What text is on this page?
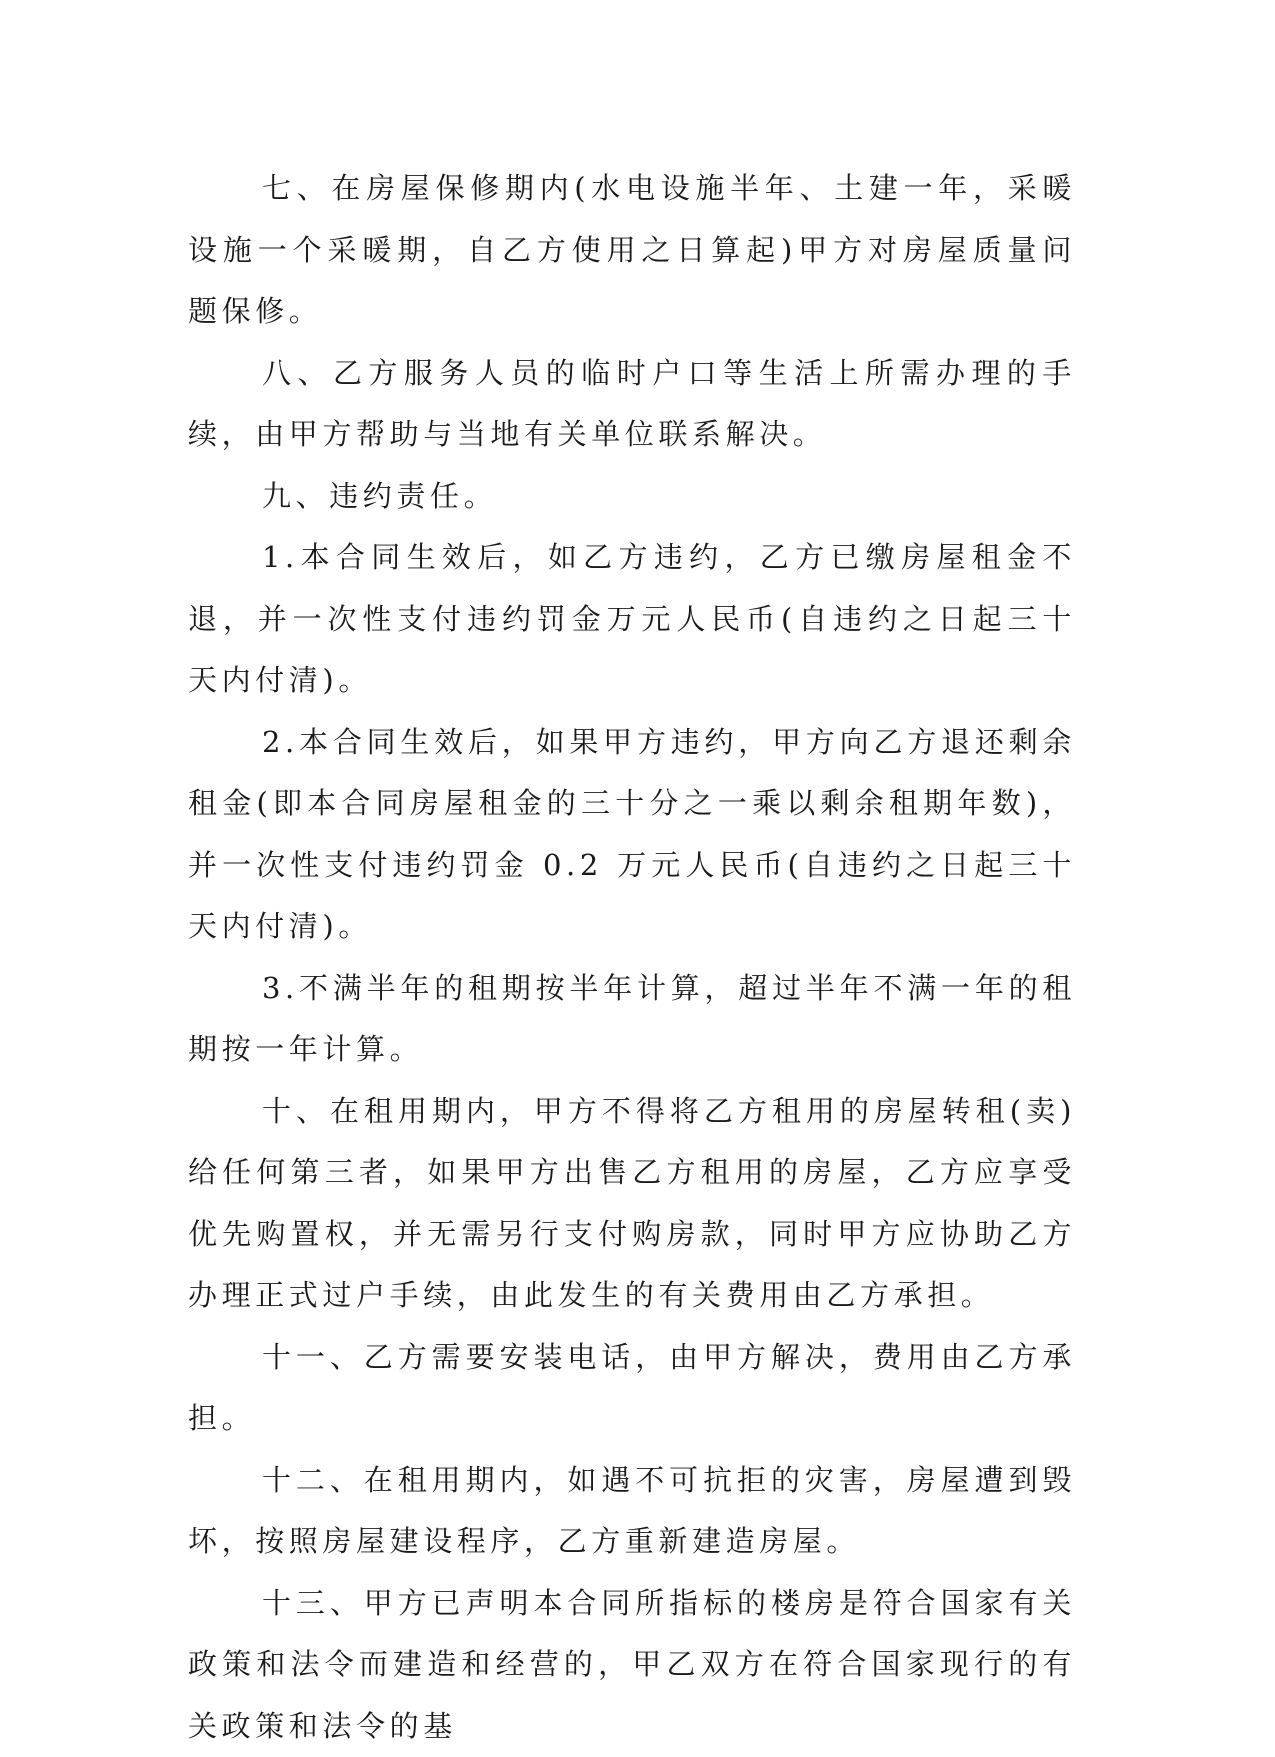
七、在房屋保修期内(水电设施半年、土建一年，采暖设施一个采暖期，自乙方使用之日算起)甲方对房屋质量问题保修。

八、乙方服务人员的临时户口等生活上所需办理的手续，由甲方帮助与当地有关单位联系解决。

九、违约责任。

1.本合同生效后，如乙方违约，乙方已缴房屋租金不退，并一次性支付违约罚金万元人民币(自违约之日起三十天内付清)。

2.本合同生效后，如果甲方违约，甲方向乙方退还剩余租金(即本合同房屋租金的三十分之一乘以剩余租期年数)，并一次性支付违约罚金 0.2 万元人民币(自违约之日起三十天内付清)。

3.不满半年的租期按半年计算，超过半年不满一年的租期按一年计算。

十、在租用期内，甲方不得将乙方租用的房屋转租(卖)给任何第三者，如果甲方出售乙方租用的房屋，乙方应享受优先购置权，并无需另行支付购房款，同时甲方应协助乙方办理正式过户手续，由此发生的有关费用由乙方承担。

十一、乙方需要安装电话，由甲方解决，费用由乙方承担。

十二、在租用期内，如遇不可抗拒的灾害，房屋遭到毁坏，按照房屋建设程序，乙方重新建造房屋。

十三、甲方已声明本合同所指标的楼房是符合国家有关政策和法令而建造和经营的，甲乙双方在符合国家现行的有关政策和法令的基
